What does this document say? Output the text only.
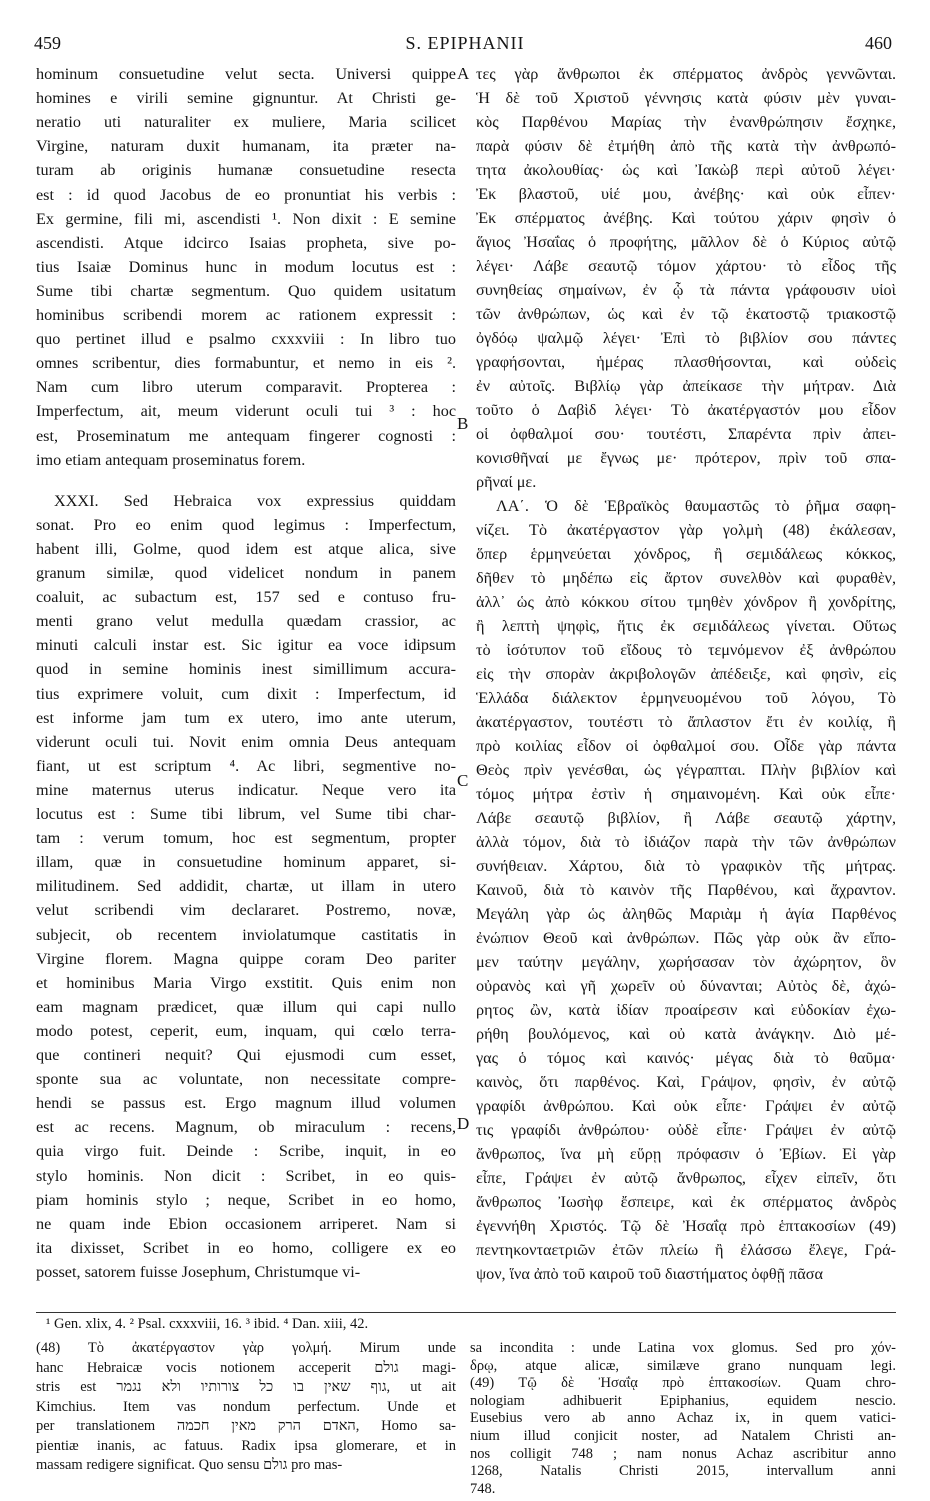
459	S. EPIPHANII	460
hominum consuetudine velut secta. Universi quippe
homines e virili semine gignuntur. At Christi ge-
neratio uti naturaliter ex muliere, Maria scilicet
Virgine, naturam duxit humanam, ita præter na-
turam ab originis humanæ consuetudine resecta
est : id quod Jacobus de eo pronuntiat his verbis :
Ex germine, fili mi, ascendisti ¹. Non dixit : E semine
ascendisti. Atque idcirco Isaias propheta, sive po-
tius Isaiæ Dominus hunc in modum locutus est :
Sume tibi chartæ segmentum. Quo quidem usitatum
hominibus scribendi morem ac rationem expressit :
quo pertinet illud e psalmo cxxxviii : In libro tuo
omnes scribentur, dies formabuntur, et nemo in eis ².
Nam cum libro uterum comparavit. Propterea :
Imperfectum, ait, meum viderunt oculi tui ³ : hoc
est, Proseminatum me antequam fingerer cognosti :
imo etiam antequam proseminatus forem.
XXXI. Sed Hebraica vox expressius quiddam
sonat. Pro eo enim quod legimus : Imperfectum,
habent illi, Golme, quod idem est atque alica, sive
granum similæ, quod videlicet nondum in panem
coaluit, ac subactum est, 157 sed e contuso fru-
menti grano velut medulla quædam crassior, ac
minuti calculi instar est. Sic igitur ea voce idipsum
quod in semine hominis inest simillimum accura-
tius exprimere voluit, cum dixit : Imperfectum, id
est informe jam tum ex utero, imo ante uterum,
viderunt oculi tui. Novit enim omnia Deus antequam
fiant, ut est scriptum ⁴. Ac libri, segmentive no-
mine maternus uterus indicatur. Neque vero ita
locutus est : Sume tibi librum, vel Sume tibi char-
tam : verum tomum, hoc est segmentum, propter
illam, quæ in consuetudine hominum apparet, si-
militudinem. Sed addidit, chartæ, ut illam in utero
velut scribendi vim declararet. Postremo, novæ,
subjecit, ob recentem inviolatumque castitatis in
Virgine florem. Magna quippe coram Deo pariter
et hominibus Maria Virgo exstitit. Quis enim non
eam magnam prædicet, quæ illum qui capi nullo
modo potest, ceperit, eum, inquam, qui cœlo terra-
que contineri nequit? Qui ejusmodi cum esset,
sponte sua ac voluntate, non necessitate compre-
hendi se passus est. Ergo magnum illud volumen
est ac recens. Magnum, ob miraculum : recens,
quia virgo fuit. Deinde : Scribe, inquit, in eo
stylo hominis. Non dicit : Scribet, in eo quis-
piam hominis stylo ; neque, Scribet in eo homo,
ne quam inde Ebion occasionem arriperet. Nam si
ita dixisset, Scribet in eo homo, colligere ex eo
posset, satorem fuisse Josephum, Christumque vi-
τες γὰρ ἄνθρωποι ἐκ σπέρματος ἀνδρὸς γεννῶνται.
Ἡ δὲ τοῦ Χριστοῦ γέννησις κατὰ φύσιν μὲν γυναι-
κὸς Παρθένου Μαρίας τὴν ἐνανθρώπησιν ἔσχηκε,
παρὰ φύσιν δὲ ἐτμήθη ἀπὸ τῆς κατὰ τὴν ἀνθρωπό-
τητα ἀκολουθίας· ὡς καὶ Ἰακὼβ περὶ αὐτοῦ λέγει·
Ἐκ βλαστοῦ, υἱέ μου, ἀνέβης· καὶ οὐκ εἶπεν·
Ἐκ σπέρματος ἀνέβης. Καὶ τούτου χάριν φησὶν ὁ
ἅγιος Ἠσαΐας ὁ προφήτης, μᾶλλον δὲ ὁ Κύριος αὐτῷ
λέγει· Λάβε σεαυτῷ τόμον χάρτου· τὸ εἶδος τῆς
συνηθείας σημαίνων, ἐν ᾧ τὰ πάντα γράφουσιν υἱοὶ
τῶν ἀνθρώπων, ὡς καὶ ἐν τῷ ἑκατοστῷ τριακοστῷ
ὀγδόῳ ψαλμῷ λέγει· Ἐπὶ τὸ βιβλίον σου πάντες
γραφήσονται, ἡμέρας πλασθήσονται, καὶ οὐδεὶς
ἐν αὐτοῖς. Βιβλίῳ γὰρ ἀπείκασε τὴν μήτραν. Διὰ
τοῦτο ὁ Δαβὶδ λέγει· Τὸ ἀκατέργαστόν μου εἶδον
οἱ ὀφθαλμοί σου· τουτέστι, Σπαρέντα πρὶν ἀπει-
κονισθῆναί με ἔγνως με· πρότερον, πρὶν τοῦ σπα-
ρῆναί με.
ΛΑ΄. Ὁ δὲ Ἑβραϊκὸς θαυμαστῶς τὸ ῥῆμα σαφη-
νίζει. Τὸ ἀκατέργαστον γὰρ γολμὴ (48) ἐκάλεσαν,
ὅπερ ἑρμηνεύεται χόνδρος, ἢ σεμιδάλεως κόκκος,
δῆθεν τὸ μηδέπω εἰς ἄρτον συνελθὸν καὶ φυραθὲν,
ἀλλ᾽ ὡς ἀπὸ κόκκου σίτου τμηθὲν χόνδρον ἢ χονδρίτης,
ἢ λεπτὴ ψηφὶς, ἥτις ἐκ σεμιδάλεως γίνεται. Οὕτως
τὸ ἰσότυπον τοῦ εἴδους τὸ τεμνόμενον ἐξ ἀνθρώπου
εἰς τὴν σπορὰν ἀκριβολογῶν ἀπέδειξε, καὶ φησὶν, εἰς
Ἑλλάδα διάλεκτον ἑρμηνευομένου τοῦ λόγου, Τὸ
ἀκατέργαστον, τουτέστι τὸ ἄπλαστον ἔτι ἐν κοιλίᾳ, ἢ
πρὸ κοιλίας εἶδον οἱ ὀφθαλμοί σου. Οἶδε γὰρ πάντα
Θεὸς πρὶν γενέσθαι, ὡς γέγραπται. Πλὴν βιβλίον καὶ
τόμος μήτρα ἐστὶν ἡ σημαινομένη. Καὶ οὐκ εἶπε·
Λάβε σεαυτῷ βιβλίον, ἢ Λάβε σεαυτῷ χάρτην,
ἀλλὰ τόμον, διὰ τὸ ἰδιάζον παρὰ τὴν τῶν ἀνθρώπων
συνήθειαν. Χάρτου, διὰ τὸ γραφικὸν τῆς μήτρας.
Καινοῦ, διὰ τὸ καινὸν τῆς Παρθένου, καὶ ἄχραντον.
Μεγάλη γὰρ ὡς ἀληθῶς Μαριὰμ ἡ ἁγία Παρθένος
ἐνώπιον Θεοῦ καὶ ἀνθρώπων. Πῶς γὰρ οὐκ ἂν εἴπο-
μεν ταύτην μεγάλην, χωρήσασαν τὸν ἀχώρητον, ὃν
οὐρανὸς καὶ γῆ χωρεῖν οὐ δύνανται; Αὐτὸς δὲ, ἀχώ-
ρητος ὢν, κατὰ ἰδίαν προαίρεσιν καὶ εὐδοκίαν ἐχω-
ρήθη βουλόμενος, καὶ οὐ κατὰ ἀνάγκην. Διὸ μέ-
γας ὁ τόμος καὶ καινός· μέγας διὰ τὸ θαῦμα·
καινὸς, ὅτι παρθένος. Καὶ, Γράψον, φησὶν, ἐν αὐτῷ
γραφίδι ἀνθρώπου. Καὶ οὐκ εἶπε· Γράψει ἐν αὐτῷ
τις γραφίδι ἀνθρώπου· οὐδὲ εἶπε· Γράψει ἐν αὐτῷ
ἄνθρωπος, ἵνα μὴ εὕρῃ πρόφασιν ὁ Ἐβίων. Εἰ γὰρ
εἶπε, Γράψει ἐν αὐτῷ ἄνθρωπος, εἶχεν εἰπεῖν, ὅτι
ἄνθρωπος Ἰωσὴφ ἔσπειρε, καὶ ἐκ σπέρματος ἀνδρὸς
ἐγεννήθη Χριστός. Τῷ δὲ Ἠσαΐᾳ πρὸ ἑπτακοσίων (49)
πεντηκονταετριῶν ἐτῶν πλείω ἢ ἐλάσσω ἔλεγε, Γρά-
ψον, ἵνα ἀπὸ τοῦ καιροῦ τοῦ διαστήματος ὀφθῇ πᾶσα
A
B
C
D
¹ Gen. xlix, 4. ² Psal. cxxxviii, 16. ³ ibid. ⁴ Dan. xiii, 42.
(48) Τὸ ἀκατέργαστον γὰρ γολμή. Mirum unde
hanc Hebraicæ vocis notionem acceperit גולם magi-
stris est גוף שאין בו כל צורותיו ולא נגמר, ut ait
Kimchius. Item vas nondum perfectum. Unde et
per translationem האדם הרק מאין חכמה, Homo sa-
pientiæ inanis, ac fatuus. Radix ipsa glomerare, et in
massam redigere significat. Quo sensu גולם pro mas-
sa incondita : unde Latina vox glomus. Sed pro χόν-
δρῳ, atque alicæ, similæve grano nunquam legi.
(49) Τῷ δὲ Ἠσαΐᾳ πρὸ ἑπτακοσίων. Quam chro-
nologiam adhibuerit Epiphanius, equidem nescio.
Eusebius vero ab anno Achaz ix, in quem vatici-
nium illud conjicit noster, ad Natalem Christi an-
nos colligit 748 ; nam nonus Achaz ascribitur anno
1268, Natalis Christi 2015, intervallum anni
748.
